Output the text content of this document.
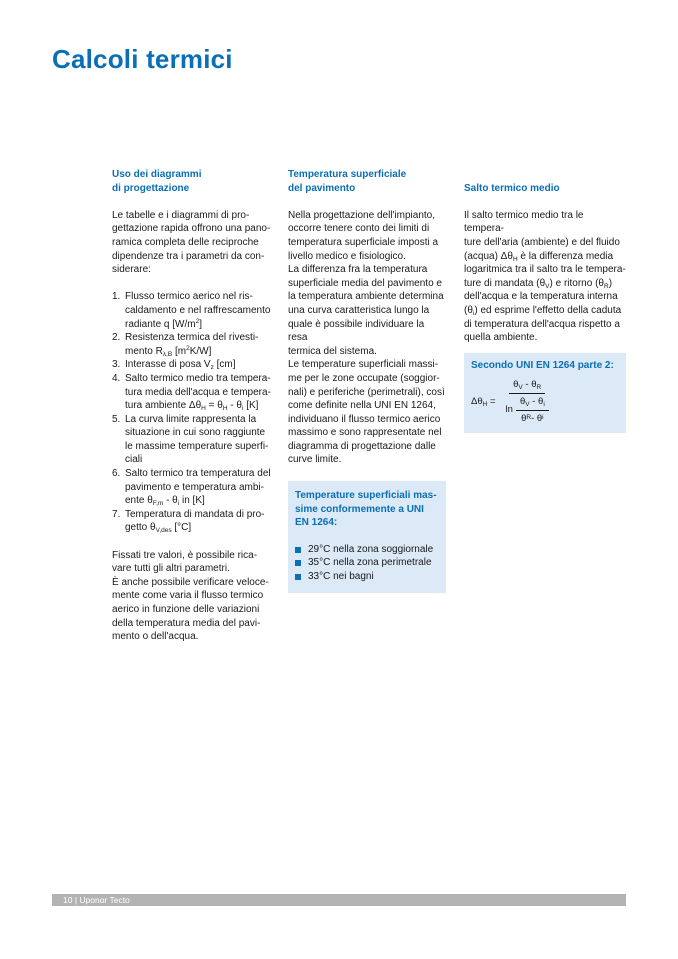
Calcoli termici
Uso dei diagrammi
di progettazione

Le tabelle e i diagrammi di pro-
gettazione rapida offrono una pano-
ramica completa delle reciproche
dipendenze tra i parametri da con-
siderare:

1. Flusso termico aerico nel ris-
caldamento e nel raffrescamento
radiante q $[W/m^2]$
2. Resistenza termica del rivesti-
mento $R_{\lambda,B}$ $[m^2K/W]$
3. Interasse di posa $V_z$ [cm]
4. Salto termico medio tra tempera-
tura media dell'acqua e tempera-
tura ambiente $\Delta\theta_H = \theta_H - \theta_i$ [K]
5. La curva limite rappresenta la
situazione in cui sono raggiunte
le massime temperature superfi-
ciali
6. Salto termico tra temperatura del
pavimento e temperatura ambi-
ente $\theta_{F,m} - \theta_i$ in [K]
7. Temperatura di mandata di pro-
getto $\theta_{V,des}$ [°C]

Fissati tre valori, è possibile rica-
vare tutti gli altri parametri.
È anche possibile verificare veloce-
mente come varia il flusso termico
aerico in funzione delle variazioni
della temperatura media del pavi-
mento o dell'acqua.

Temperatura superficiale
del pavimento

Nella progettazione dell'impianto,
occorre tenere conto dei limiti di
temperatura superficiale imposti a
livello medico e fisiologico.
La differenza fra la temperatura
superficiale media del pavimento e
la temperatura ambiente determina
una curva caratteristica lungo la
quale è possibile individuare la resa
termica del sistema.
Le temperature superficiali massi-
me per le zone occupate (soggior-
nali) e periferiche (perimetrali), così
come definite nella UNI EN 1264,
individuano il flusso termico aerico
massimo e sono rappresentate nel
diagramma di progettazione dalle
curve limite.

Temperature superficiali mas-
sime conformemente a UNI
EN 1264:
29°C nella zona soggiornale
35°C nella zona perimetrale
33°C nei bagni
Salto termico medio

Il salto termico medio tra le tempera-
ture dell'aria (ambiente) e del fluido
(acqua) $\Delta\theta_H$ è la differenza media
logaritmica tra il salto tra le tempera-
ture di mandata $(\theta_V)$ e ritorno $(\theta_R)$
dell'acqua e la temperatura interna
$(\theta_i)$ ed esprime l'effetto della caduta
di temperatura dell'acqua rispetto a
quella ambiente.

Secondo UNI EN 1264 parte 2:
$\Delta\theta_H = \frac{\theta_V - \theta_R}{\ln \frac{\theta_V - \theta_i}{\text{θ R - θ i}}}$
10 | Uponor Tecto
